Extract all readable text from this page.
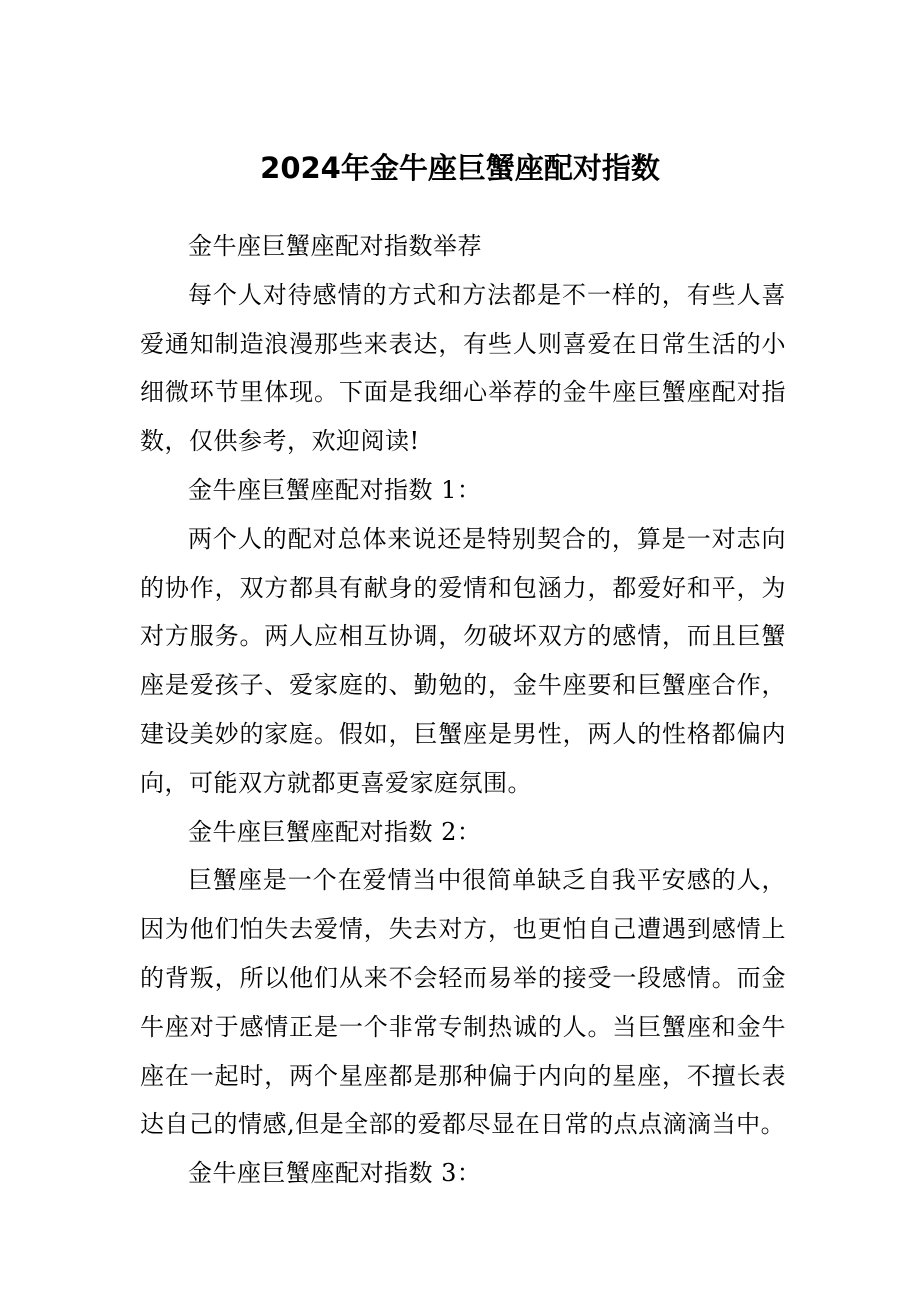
2024年金牛座巨蟹座配对指数

金牛座巨蟹座配对指数举荐

每个人对待感情的方式和方法都是不一样的，有些人喜爱通知制造浪漫那些来表达，有些人则喜爱在日常生活的小细微环节里体现。下面是我细心举荐的金牛座巨蟹座配对指数，仅供参考，欢迎阅读!

金牛座巨蟹座配对指数 1：

两个人的配对总体来说还是特别契合的，算是一对志向的协作，双方都具有献身的爱情和包涵力，都爱好和平，为对方服务。两人应相互协调，勿破坏双方的感情，而且巨蟹座是爱孩子、爱家庭的、勤勉的，金牛座要和巨蟹座合作，建设美妙的家庭。假如，巨蟹座是男性，两人的性格都偏内向，可能双方就都更喜爱家庭氛围。

金牛座巨蟹座配对指数 2：

巨蟹座是一个在爱情当中很简单缺乏自我平安感的人，因为他们怕失去爱情，失去对方，也更怕自己遭遇到感情上的背叛，所以他们从来不会轻而易举的接受一段感情。而金牛座对于感情正是一个非常专制热诚的人。当巨蟹座和金牛座在一起时，两个星座都是那种偏于内向的星座，不擅长表达自己的情感,但是全部的爱都尽显在日常的点点滴滴当中。

金牛座巨蟹座配对指数 3：
